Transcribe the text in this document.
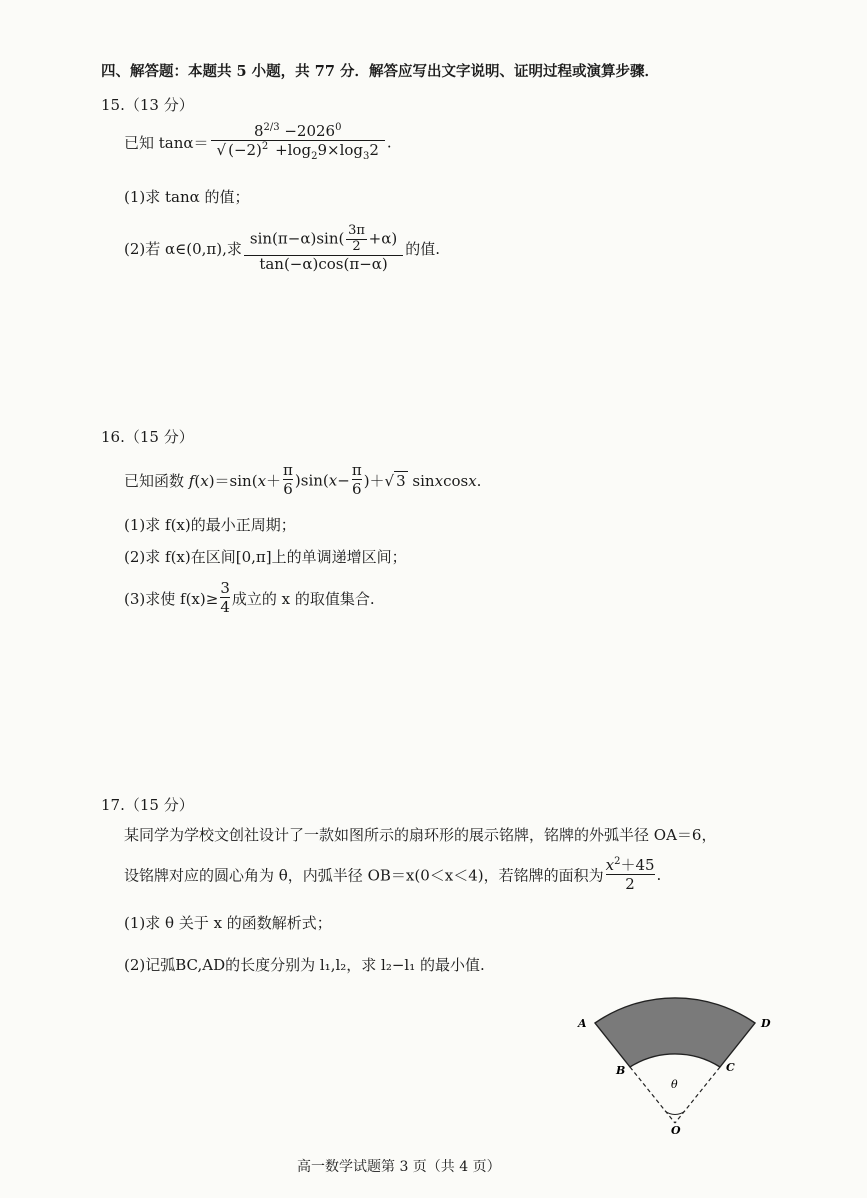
四、解答题：本题共 5 小题，共 77 分．解答应写出文字说明、证明过程或演算步骤．
15.（13 分）
已知 $\tan\alpha= \frac{8^{2/3} -2026^0}{√ (-2)^2 +\log_29\times\log_32}$ .
(1)求 tanα 的值；
(2)若 α∈(0,π),求 $\frac{\sin(\pi-\alpha)\sin( \frac{3\pi}{2} +\alpha)}{\tan(-\alpha)\cos(\pi-\alpha)}$ 的值.
16.（15 分）
已知函数 $f(x)=\sin(x+ \frac{\pi}{6} )\sin(x- \frac{\pi}{6}$ )＋√ 3 sinxcosx.
(1)求 f(x)的最小正周期；
(2)求 f(x)在区间[0,π]上的单调递增区间；
(3)求使 $f(x)\ge \frac{3}{4}$ 成立的 x 的取值集合.
17.（15 分）
某同学为学校文创社设计了一款如图所示的扇环形的展示铭牌，铭牌的外弧半径 OA＝6，
设铭牌对应的圆心角为 θ，内弧半径 OB＝x(0＜x＜4)，若铭牌的面积为 $\frac{x^2+45}{2}$ .
(1)求 θ 关于 x 的函数解析式；
(2)记弧BC,AD的长度分别为 l₁,l₂，求 l₂−l₁ 的最小值.
A	D
B	C
θ
O
高一数学试题第 3 页（共 4 页）
